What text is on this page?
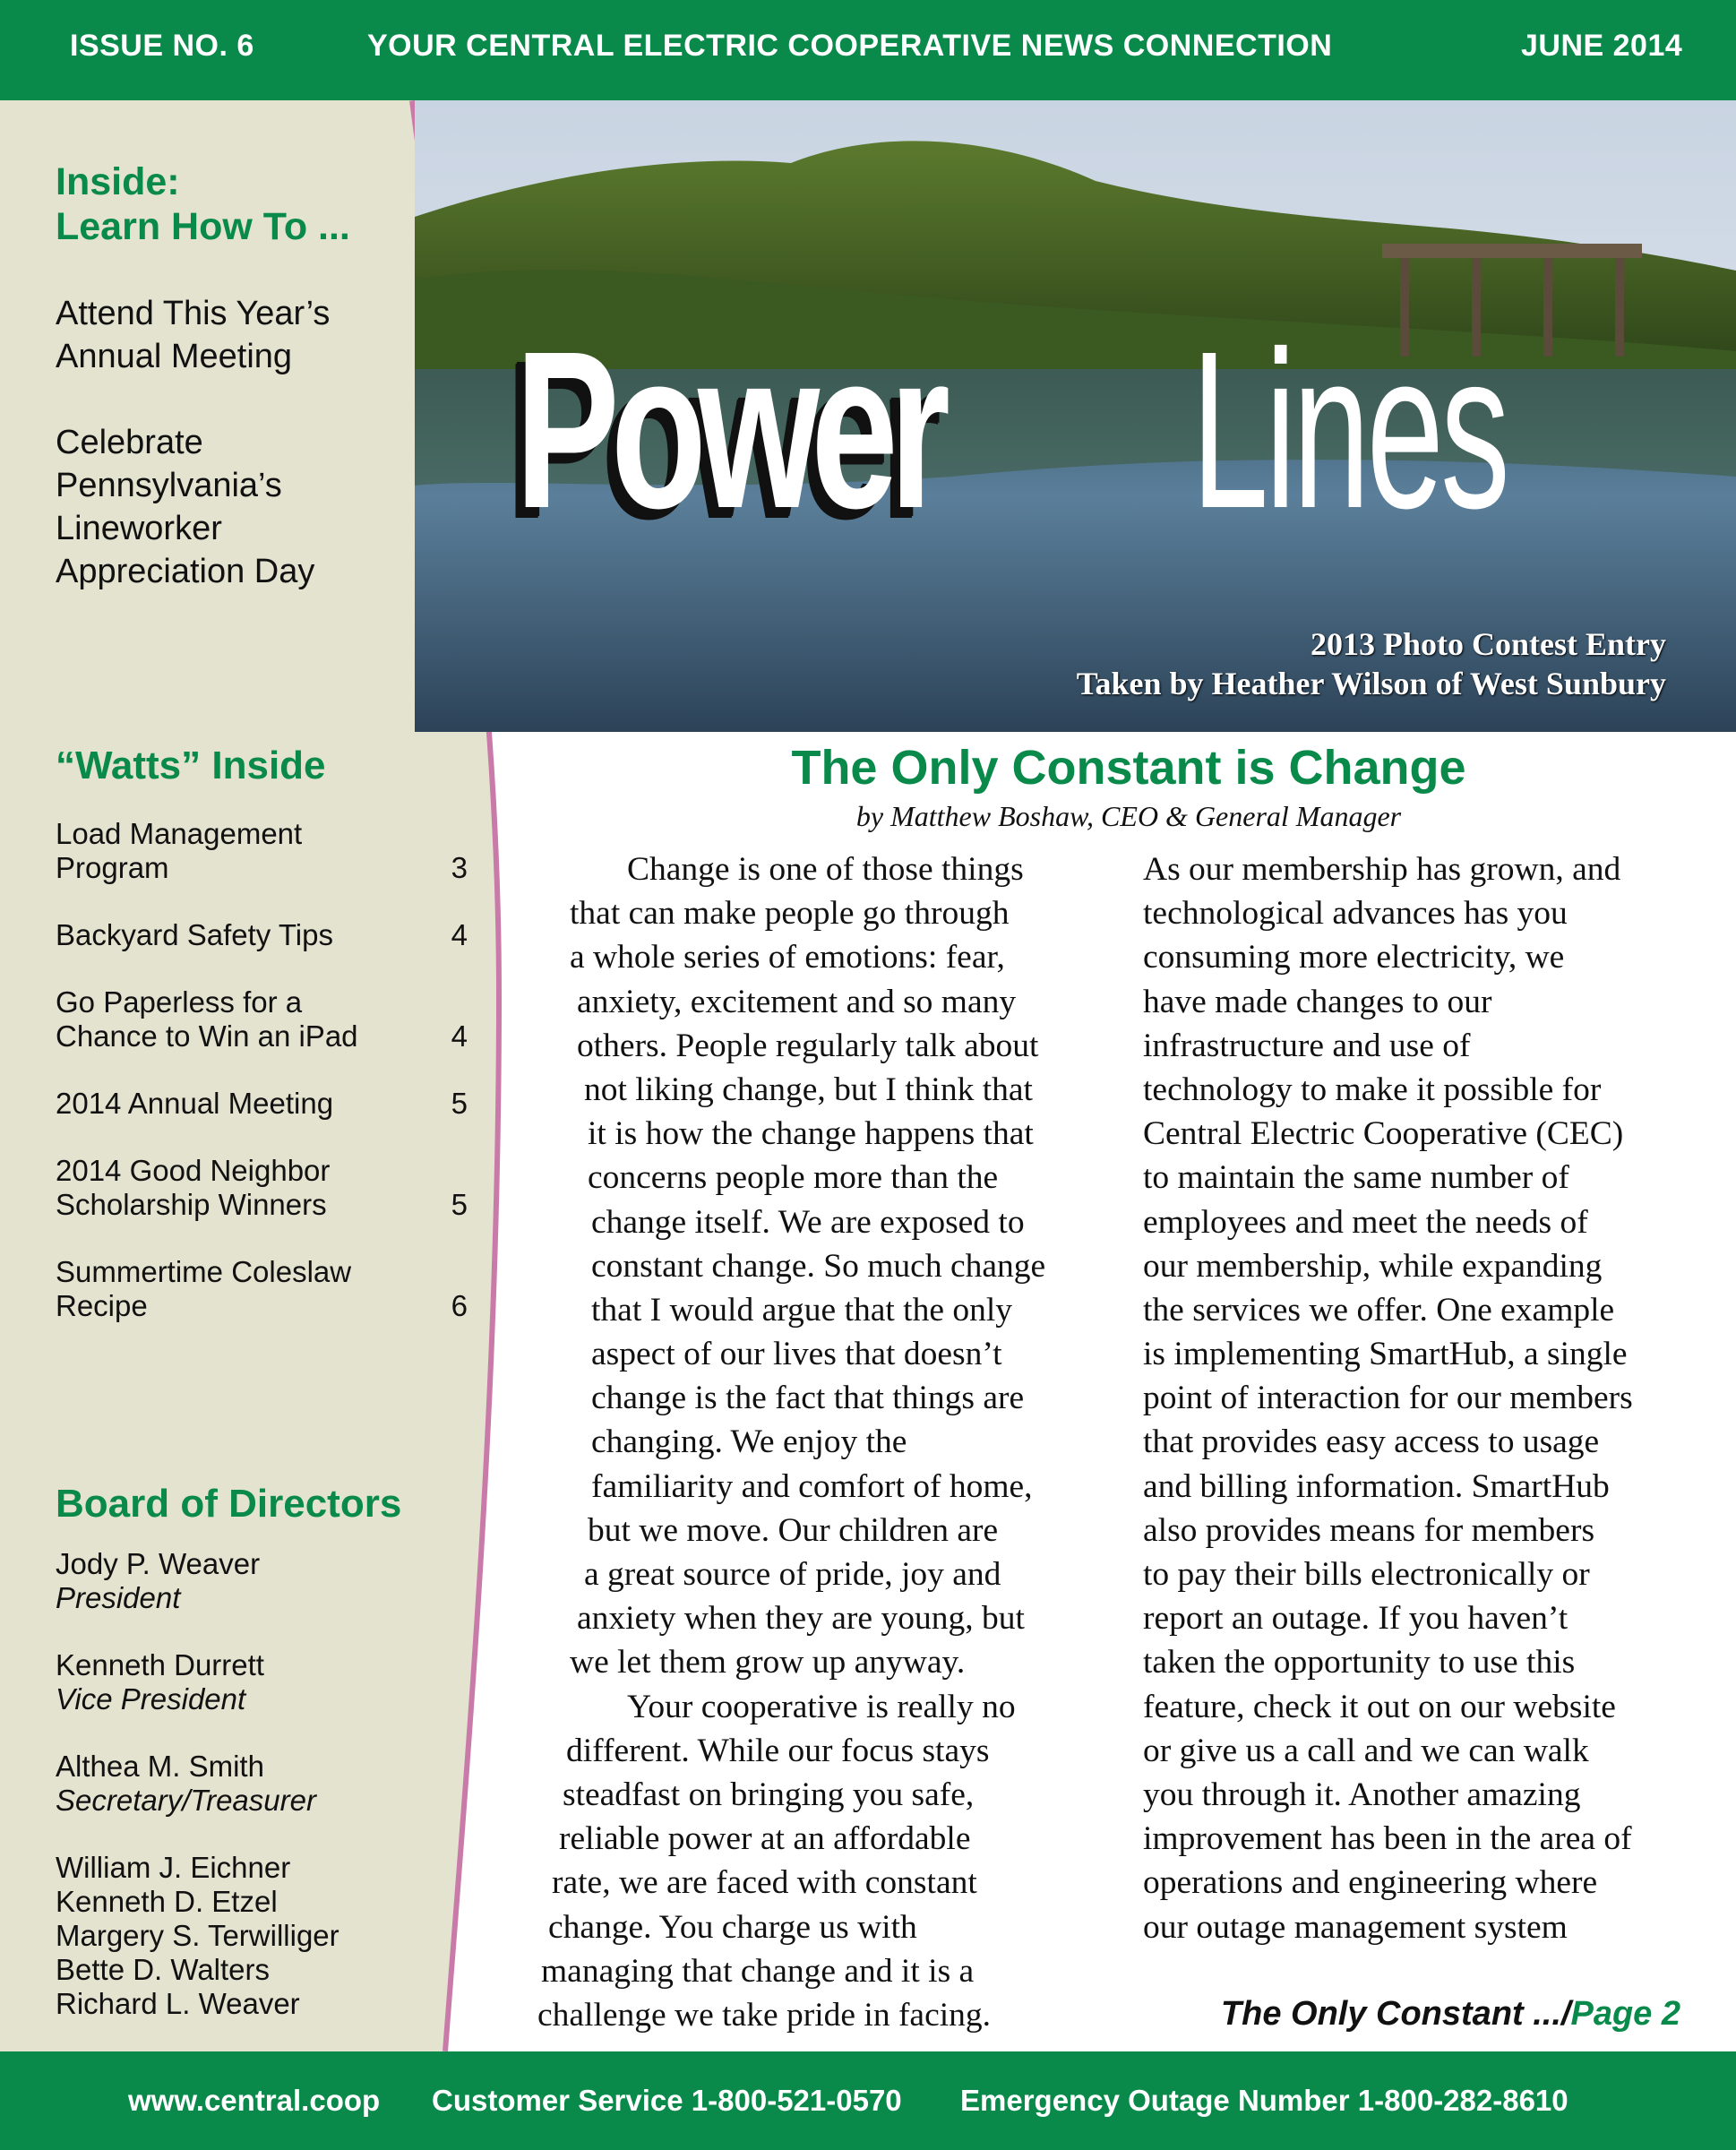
ISSUE NO. 6	YOUR CENTRAL ELECTRIC COOPERATIVE NEWS CONNECTION	JUNE 2014
Power Lines
2013 Photo Contest Entry
Taken by Heather Wilson of West Sunbury
Inside:
Learn How To ...
Attend This Year’s
Annual Meeting
Celebrate
Pennsylvania’s
Lineworker
Appreciation Day
“Watts” Inside
Load Management
Program	3
Backyard Safety Tips	4
Go Paperless for a
Chance to Win an iPad	4
2014 Annual Meeting	5
2014 Good Neighbor
Scholarship Winners	5
Summertime Coleslaw
Recipe	6
Board of Directors
Jody P. Weaver
President
Kenneth Durrett
Vice President
Althea M. Smith
Secretary/Treasurer
William J. Eichner
Kenneth D. Etzel
Margery S. Terwilliger
Bette D. Walters
Richard L. Weaver
The Only Constant is Change
by Matthew Boshaw, CEO & General Manager
Change is one of those things
that can make people go through
a whole series of emotions: fear,
anxiety, excitement and so many
others. People regularly talk about
not liking change, but I think that
it is how the change happens that
concerns people more than the
change itself. We are exposed to
constant change. So much change
that I would argue that the only
aspect of our lives that doesn’t
change is the fact that things are
changing. We enjoy the
familiarity and comfort of home,
but we move. Our children are
a great source of pride, joy and
anxiety when they are young, but
we let them grow up anyway.
Your cooperative is really no
different. While our focus stays
steadfast on bringing you safe,
reliable power at an affordable
rate, we are faced with constant
change. You charge us with
managing that change and it is a
challenge we take pride in facing.
As our membership has grown, and
technological advances has you
consuming more electricity, we
have made changes to our
infrastructure and use of
technology to make it possible for
Central Electric Cooperative (CEC)
to maintain the same number of
employees and meet the needs of
our membership, while expanding
the services we offer. One example
is implementing SmartHub, a single
point of interaction for our members
that provides easy access to usage
and billing information. SmartHub
also provides means for members
to pay their bills electronically or
report an outage. If you haven’t
taken the opportunity to use this
feature, check it out on our website
or give us a call and we can walk
you through it. Another amazing
improvement has been in the area of
operations and engineering where
our outage management system
The Only Constant .../Page 2
www.central.coop Customer Service 1-800-521-0570 Emergency Outage Number 1-800-282-8610
